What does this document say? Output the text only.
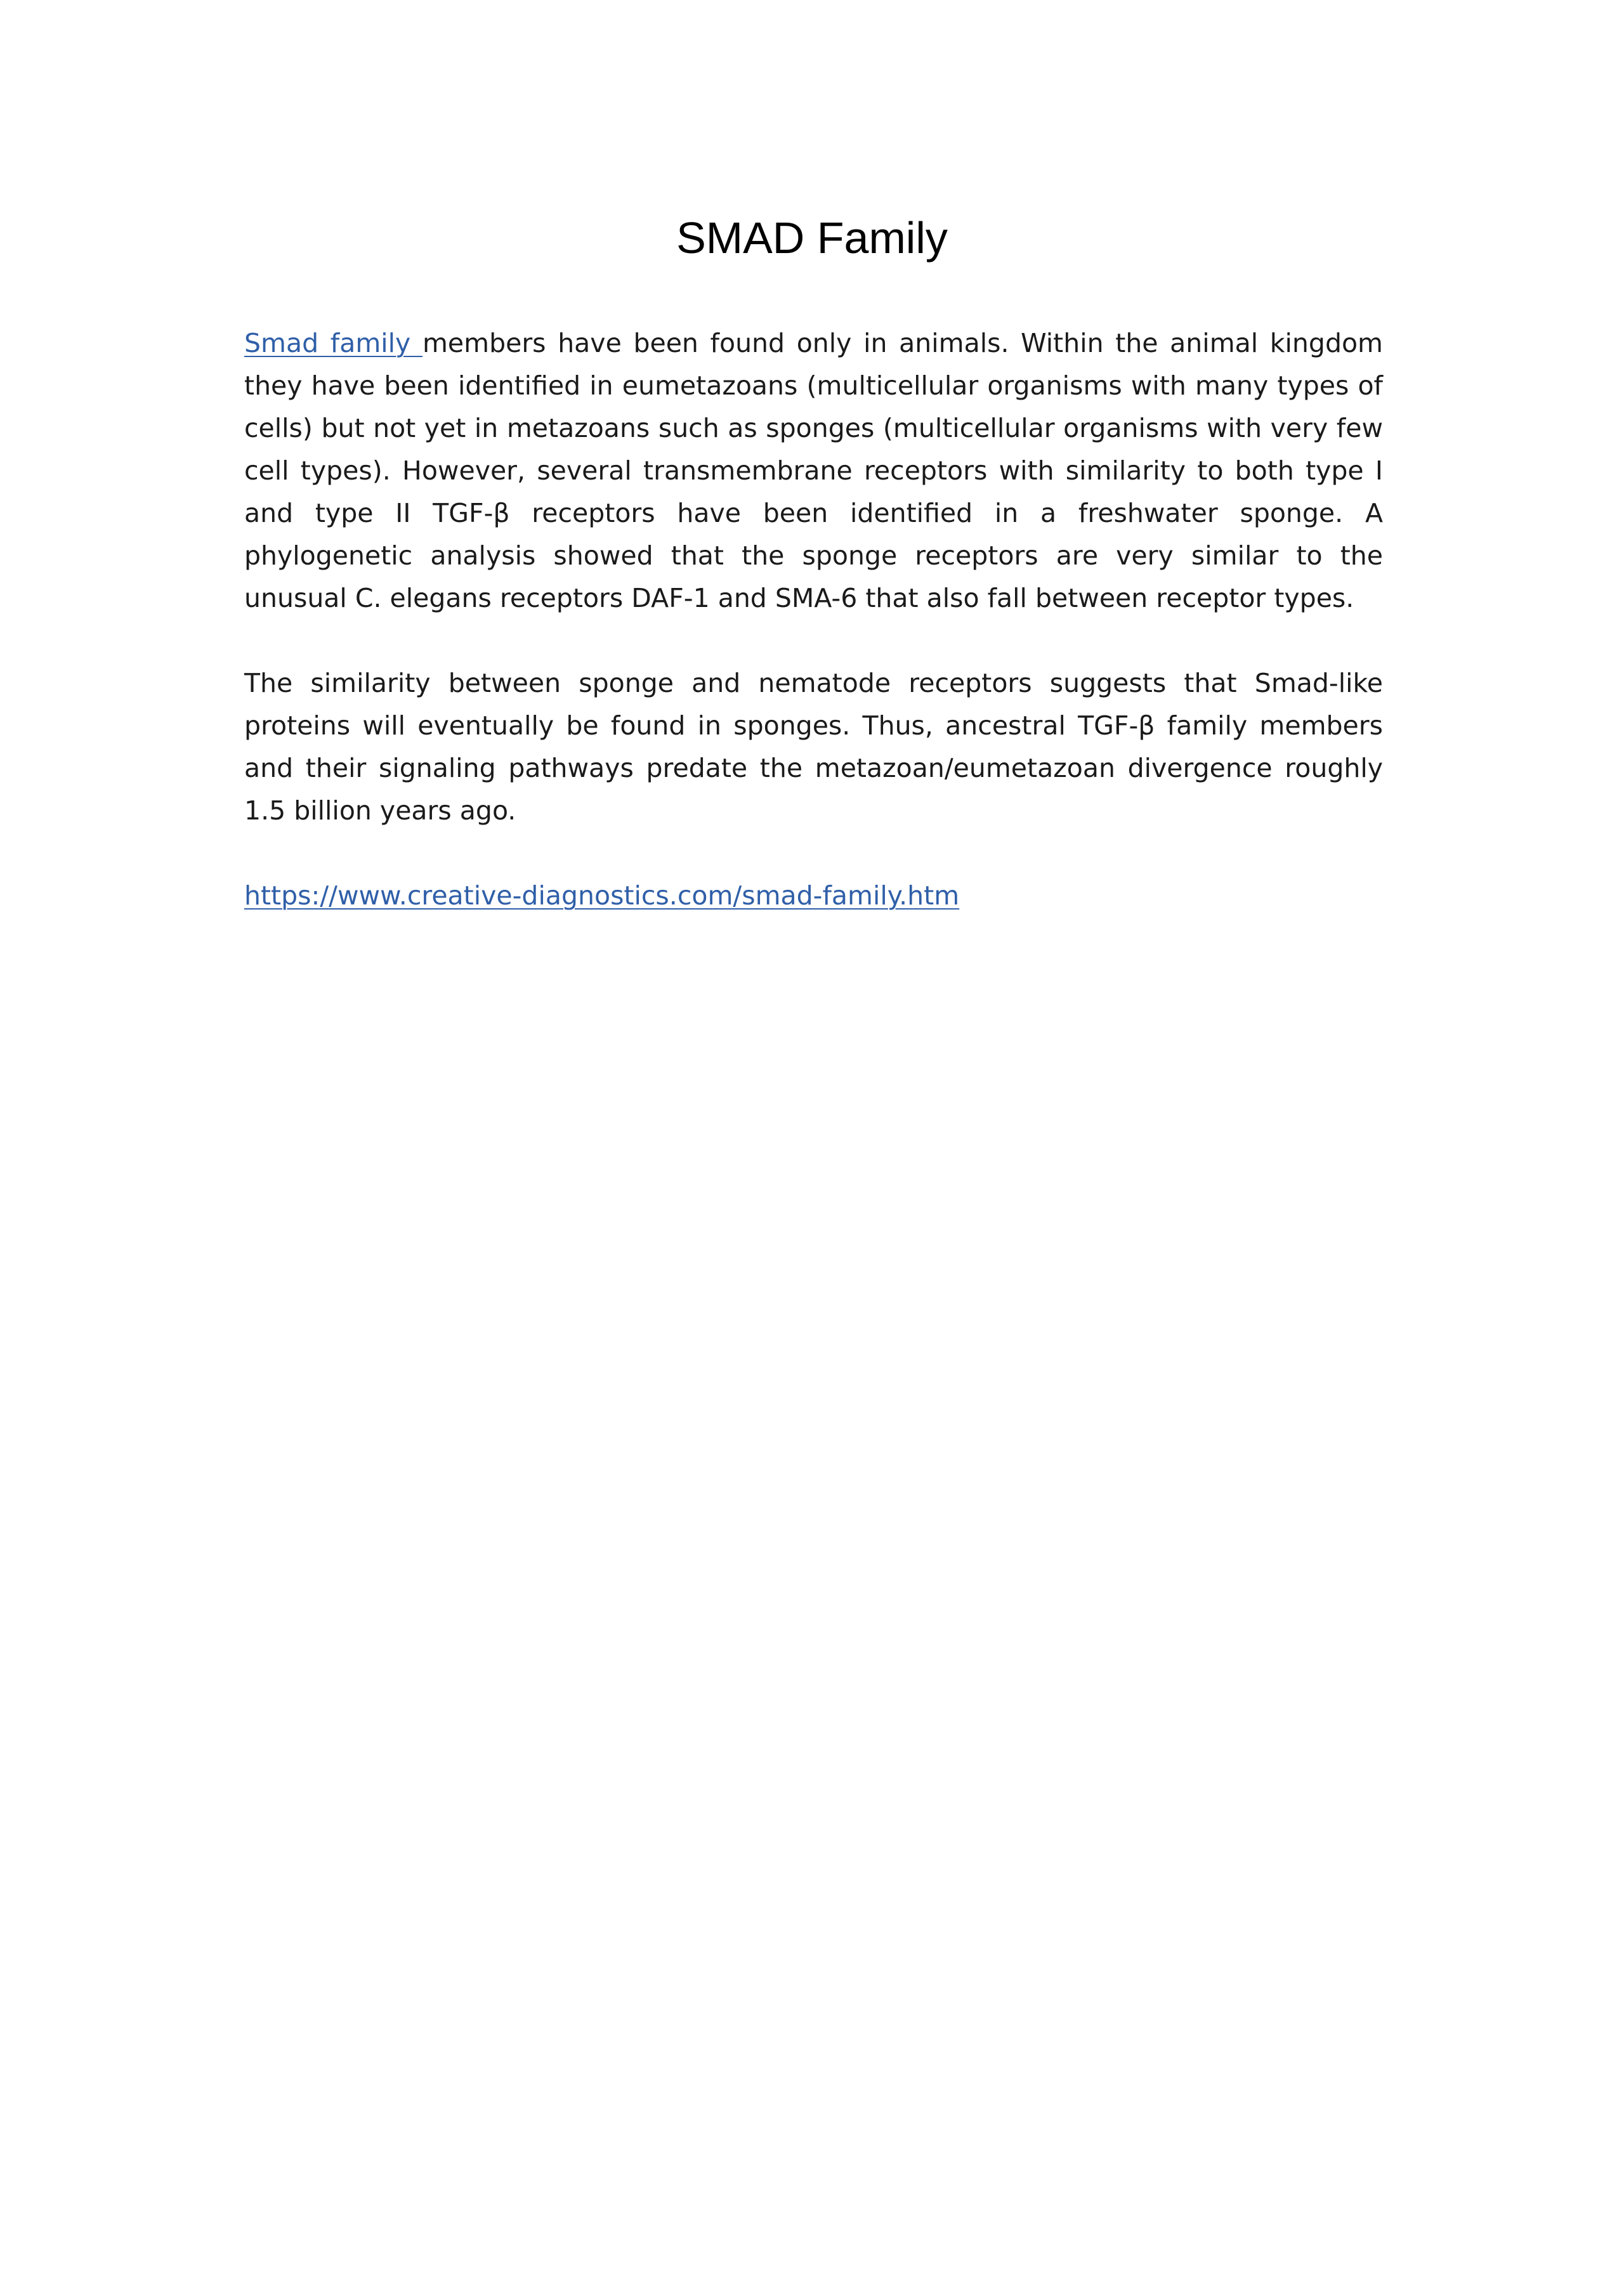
SMAD Family

Smad family members have been found only in animals. Within the animal kingdom they have been identified in eumetazoans (multicellular organisms with many types of cells) but not yet in metazoans such as sponges (multicellular organisms with very few cell types). However, several transmembrane receptors with similarity to both type I and type II TGF-β receptors have been identified in a freshwater sponge. A phylogenetic analysis showed that the sponge receptors are very similar to the unusual C. elegans receptors DAF-1 and SMA-6 that also fall between receptor types.

The similarity between sponge and nematode receptors suggests that Smad-like proteins will eventually be found in sponges. Thus, ancestral TGF-β family members and their signaling pathways predate the metazoan/eumetazoan divergence roughly 1.5 billion years ago.

https://www.creative-diagnostics.com/smad-family.htm
